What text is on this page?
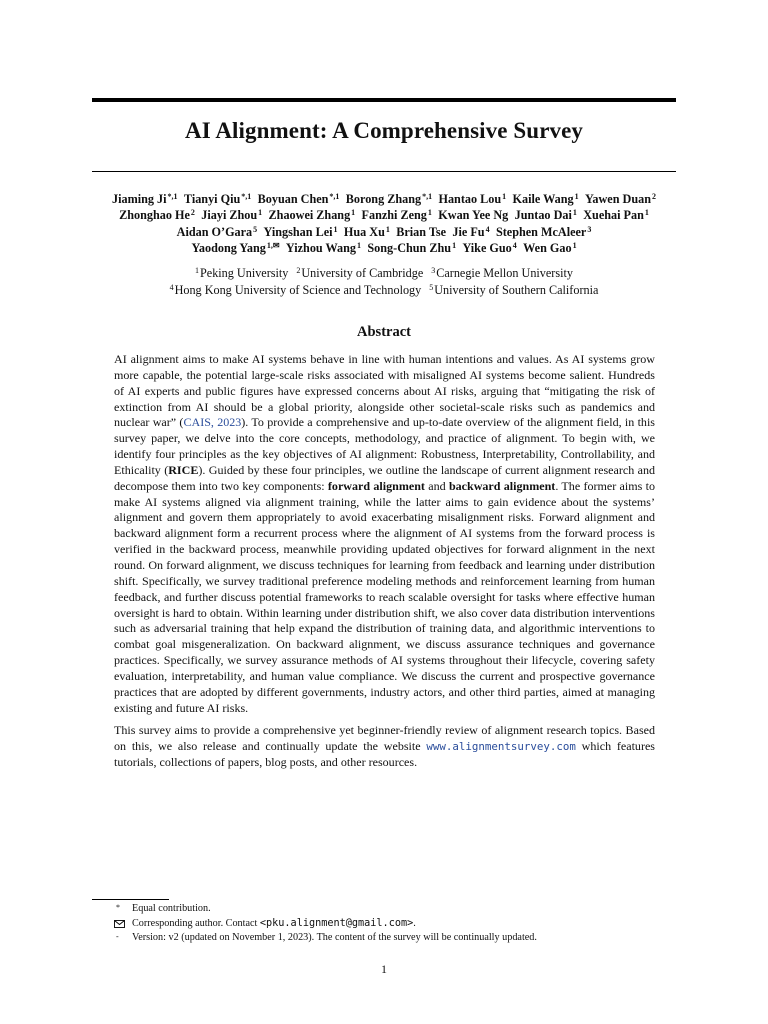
AI Alignment: A Comprehensive Survey
Jiaming $Ji^{*,1}$ Tianyi Qiu$^{*,1}$ Boyuan Chen$^{*,1}$ Borong Zhang$^{*,1}$ Hantao Lou$^1$ Kaile Wang$^1$ Yawen Duan$^2$
Zhonghao He$^2$ Jiayi Zhou$^1$ Zhaowei Zhang$^1$ Fanzhi Zeng$^1$ Kwan Yee Ng Juntao Dai$^1$ Xuehai Pan$^1$
Aidan O’Gara$^5$ Yingshan Lei$^1$ Hua Xu$^1$ Brian Tse Jie Fu$^4$ Stephen McAleer$^3$
Yaodong Yang$^{1,✉}$ Yizhou Wang$^1$ Song-Chun Zhu$^1$ Yike Guo$^4$ Wen Gao$^1$
$^1$Peking University $^2$University of Cambridge $^3$Carnegie Mellon University
$^4$Hong Kong University of Science and Technology $^5$University of Southern California
Abstract

AI alignment aims to make AI systems behave in line with human intentions and values. As AI systems grow more capable, the potential large-scale risks associated with misaligned AI systems become salient. Hundreds of AI experts and public figures have expressed concerns about AI risks, arguing that “mitigating the risk of extinction from AI should be a global priority, alongside other societal-scale risks such as pandemics and nuclear war” (CAIS, 2023). To provide a comprehensive and up-to-date overview of the alignment field, in this survey paper, we delve into the core concepts, methodology, and practice of alignment. To begin with, we identify four principles as the key objectives of AI alignment: Robustness, Interpretability, Controllability, and Ethicality (RICE). Guided by these four principles, we outline the landscape of current alignment research and decompose them into two key components: forward alignment and backward alignment. The former aims to make AI systems aligned via alignment training, while the latter aims to gain evidence about the systems’ alignment and govern them appropriately to avoid exacerbating misalignment risks. Forward alignment and backward alignment form a recurrent process where the alignment of AI systems from the forward process is verified in the backward process, meanwhile providing updated objectives for forward alignment in the next round. On forward alignment, we discuss techniques for learning from feedback and learning under distribution shift. Specifically, we survey traditional preference modeling methods and reinforcement learning from human feedback, and further discuss potential frameworks to reach scalable oversight for tasks where effective human oversight is hard to obtain. Within learning under distribution shift, we also cover data distribution interventions such as adversarial training that help expand the distribution of training data, and algorithmic interventions to combat goal misgeneralization. On backward alignment, we discuss assurance techniques and governance practices. Specifically, we survey assurance methods of AI systems throughout their lifecycle, covering safety evaluation, interpretability, and human value compliance. We discuss the current and prospective governance practices that are adopted by different governments, industry actors, and other third parties, aimed at managing existing and future AI risks.

This survey aims to provide a comprehensive yet beginner-friendly review of alignment research topics. Based on this, we also release and continually update the website www.alignmentsurvey.com which features tutorials, collections of papers, blog posts, and other resources.

* Equal contribution.
Corresponding author. Contact <pku.alignment@gmail.com>.
- Version: v2 (updated on November 1, 2023). The content of the survey will be continually updated.
1
